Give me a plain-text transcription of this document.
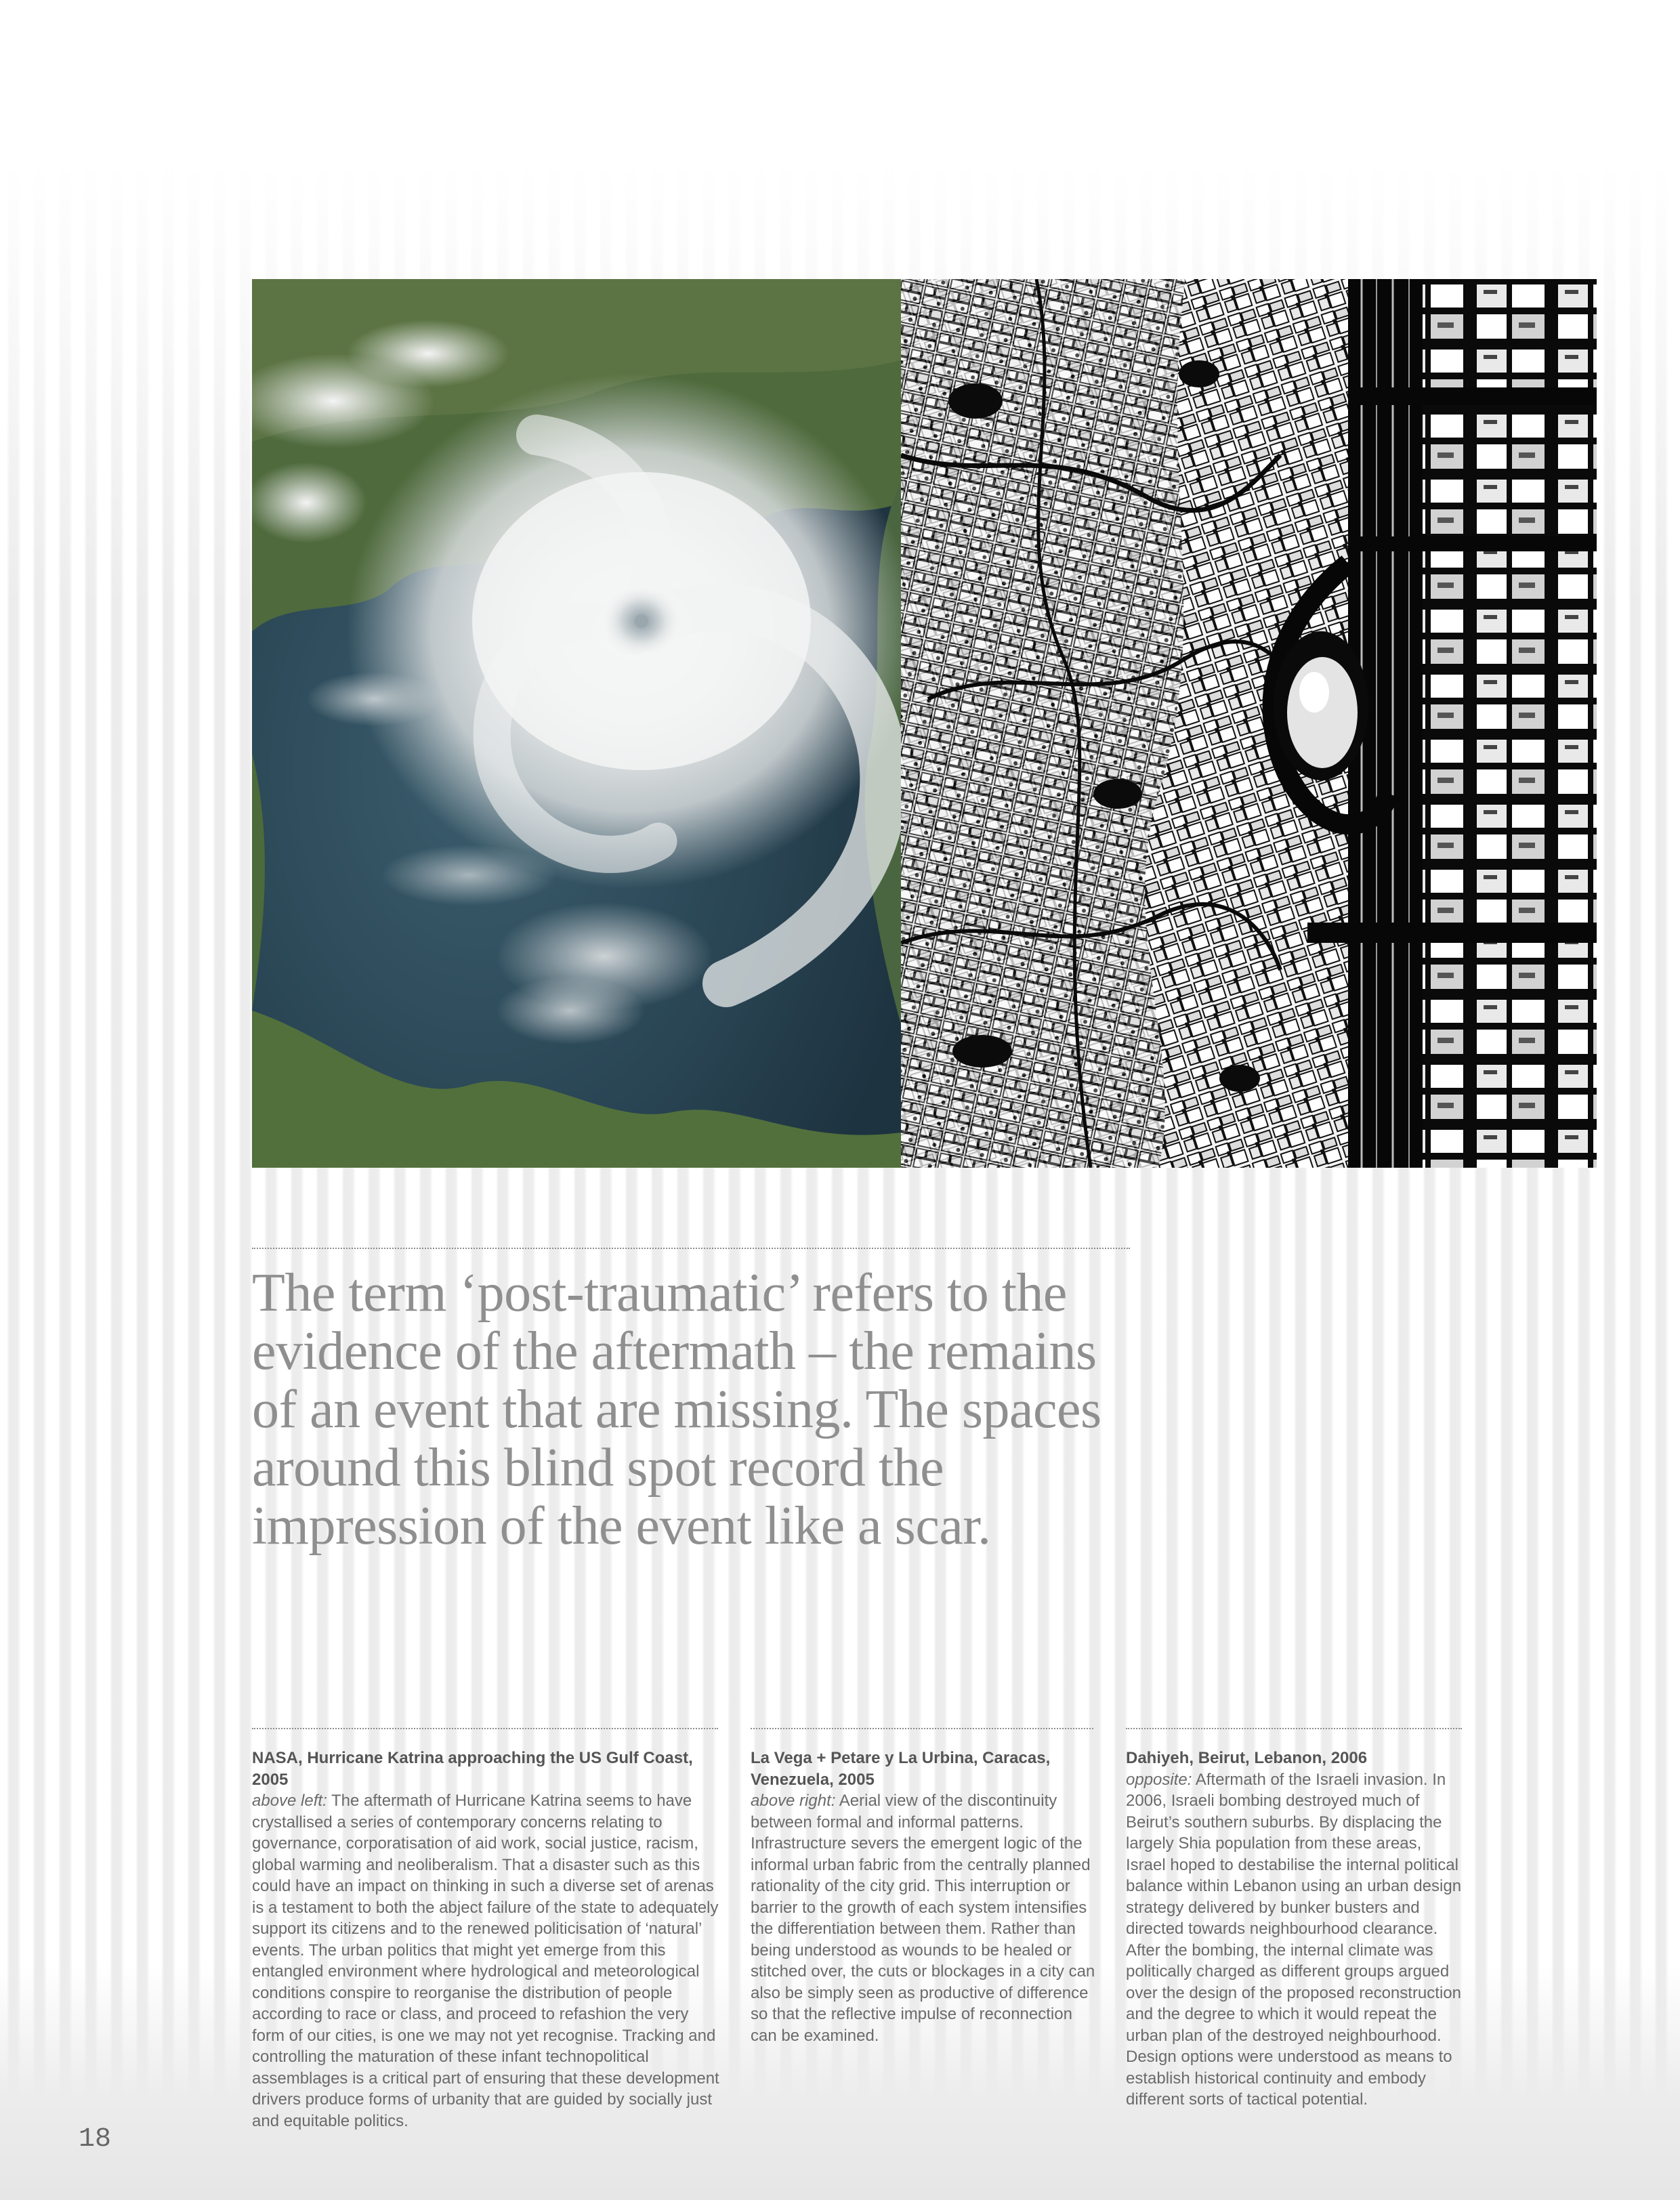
The term ‘post-traumatic’ refers to the evidence of the aftermath – the remains of an event that are missing. The spaces around this blind spot record the impression of the event like a scar.

NASA, Hurricane Katrina approaching the US Gulf Coast, 2005
above left: The aftermath of Hurricane Katrina seems to have crystallised a series of contemporary concerns relating to governance, corporatisation of aid work, social justice, racism, global warming and neoliberalism. That a disaster such as this could have an impact on thinking in such a diverse set of arenas is a testament to both the abject failure of the state to adequately support its citizens and to the renewed politicisation of ‘natural’ events. The urban politics that might yet emerge from this entangled environment where hydrological and meteorological conditions conspire to reorganise the distribution of people according to race or class, and proceed to refashion the very form of our cities, is one we may not yet recognise. Tracking and controlling the maturation of these infant technopolitical assemblages is a critical part of ensuring that these development drivers produce forms of urbanity that are guided by socially just and equitable politics.
La Vega + Petare y La Urbina, Caracas, Venezuela, 2005
above right: Aerial view of the discontinuity between formal and informal patterns. Infrastructure severs the emergent logic of the informal urban fabric from the centrally planned rationality of the city grid. This interruption or barrier to the growth of each system intensifies the differentiation between them. Rather than being understood as wounds to be healed or stitched over, the cuts or blockages in a city can also be simply seen as productive of difference so that the reflective impulse of reconnection can be examined.
Dahiyeh, Beirut, Lebanon, 2006
opposite: Aftermath of the Israeli invasion. In 2006, Israeli bombing destroyed much of Beirut’s southern suburbs. By displacing the largely Shia population from these areas, Israel hoped to destabilise the internal political balance within Lebanon using an urban design strategy delivered by bunker busters and directed towards neighbourhood clearance. After the bombing, the internal climate was politically charged as different groups argued over the design of the proposed reconstruction and the degree to which it would repeat the urban plan of the destroyed neighbourhood. Design options were understood as means to establish historical continuity and embody different sorts of tactical potential.
18
